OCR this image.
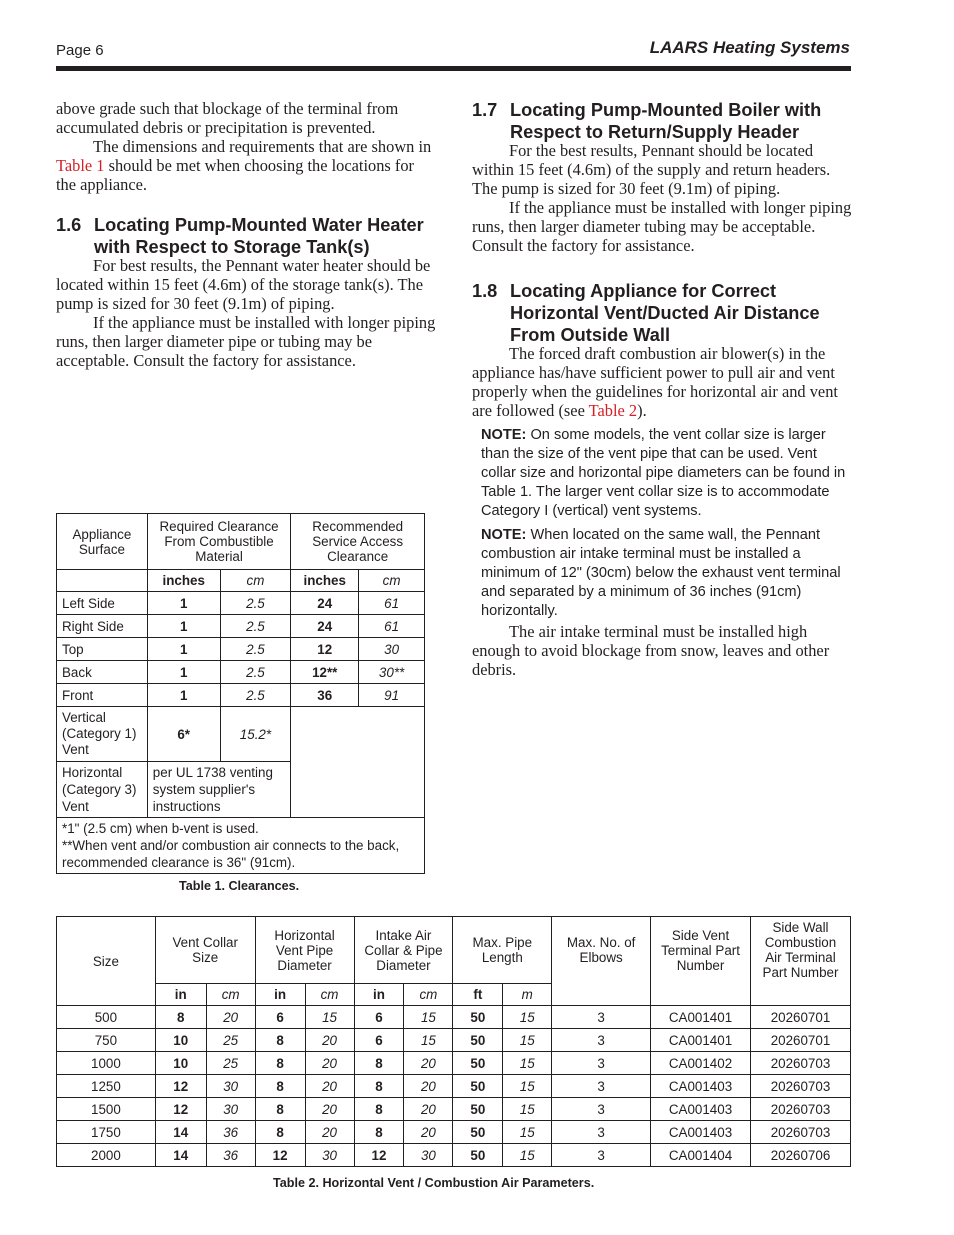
Page 6	LAARS Heating Systems

above grade such that blockage of the terminal from accumulated debris or precipitation is prevented.

The dimensions and requirements that are shown in Table 1 should be met when choosing the locations for the appliance.

1.6 Locating Pump-Mounted Water Heater with Respect to Storage Tank(s)

For best results, the Pennant water heater should be located within 15 feet (4.6m) of the storage tank(s). The pump is sized for 30 feet (9.1m) of piping.

If the appliance must be installed with longer piping runs, then larger diameter pipe or tubing may be acceptable. Consult the factory for assistance.

1.7 Locating Pump-Mounted Boiler with Respect to Return/Supply Header

For the best results, Pennant should be located within 15 feet (4.6m) of the supply and return headers. The pump is sized for 30 feet (9.1m) of piping.

If the appliance must be installed with longer piping runs, then larger diameter tubing may be acceptable. Consult the factory for assistance.

1.8 Locating Appliance for Correct Horizontal Vent/Ducted Air Distance From Outside Wall

The forced draft combustion air blower(s) in the appliance has/have sufficient power to pull air and vent properly when the guidelines for horizontal air and vent are followed (see Table 2).

NOTE: On some models, the vent collar size is larger than the size of the vent pipe that can be used. Vent collar size and horizontal pipe diameters can be found in Table 1. The larger vent collar size is to accommodate Category I (vertical) vent systems.

NOTE: When located on the same wall, the Pennant combustion air intake terminal must be installed a minimum of 12" (30cm) below the exhaust vent terminal and separated by a minimum of 36 inches (91cm) horizontally.

The air intake terminal must be installed high enough to avoid blockage from snow, leaves and other debris.

Appliance Surface	Required Clearance From Combustible Material		Recommended Service Access Clearance	
	inches	cm	inches	cm
Left Side	1	2.5	24	61
Right Side	1	2.5	24	61
Top	1	2.5	12	30
Back	1	2.5	12**	30**
Front	1	2.5	36	91
Vertical (Category 1) Vent	6*	15.2*		
Horizontal (Category 3) Vent	per UL 1738 venting system supplier's instructions			

*1" (2.5 cm) when b-vent is used.
**When vent and/or combustion air connects to the back, recommended clearance is 36" (91cm).				
Table 1. Clearances.
Size	Vent Collar Size		Horizontal Vent Pipe Diameter		Intake Air Collar & Pipe Diameter		Max. Pipe Length		Max. No. of Elbows	Side Vent Terminal Part Number	Side Wall Combustion Air Terminal Part Number
	in	cm	in	cm	in	cm	ft	m			
500	8	20	6	15	6	15	50	15	3	CA001401	20260701
750	10	25	8	20	6	15	50	15	3	CA001401	20260701
1000	10	25	8	20	8	20	50	15	3	CA001402	20260703
1250	12	30	8	20	8	20	50	15	3	CA001403	20260703
1500	12	30	8	20	8	20	50	15	3	CA001403	20260703
1750	14	36	8	20	8	20	50	15	3	CA001403	20260703
2000	14	36	12	30	12	30	50	15	3	CA001404	20260706
Table 2. Horizontal Vent / Combustion Air Parameters.
